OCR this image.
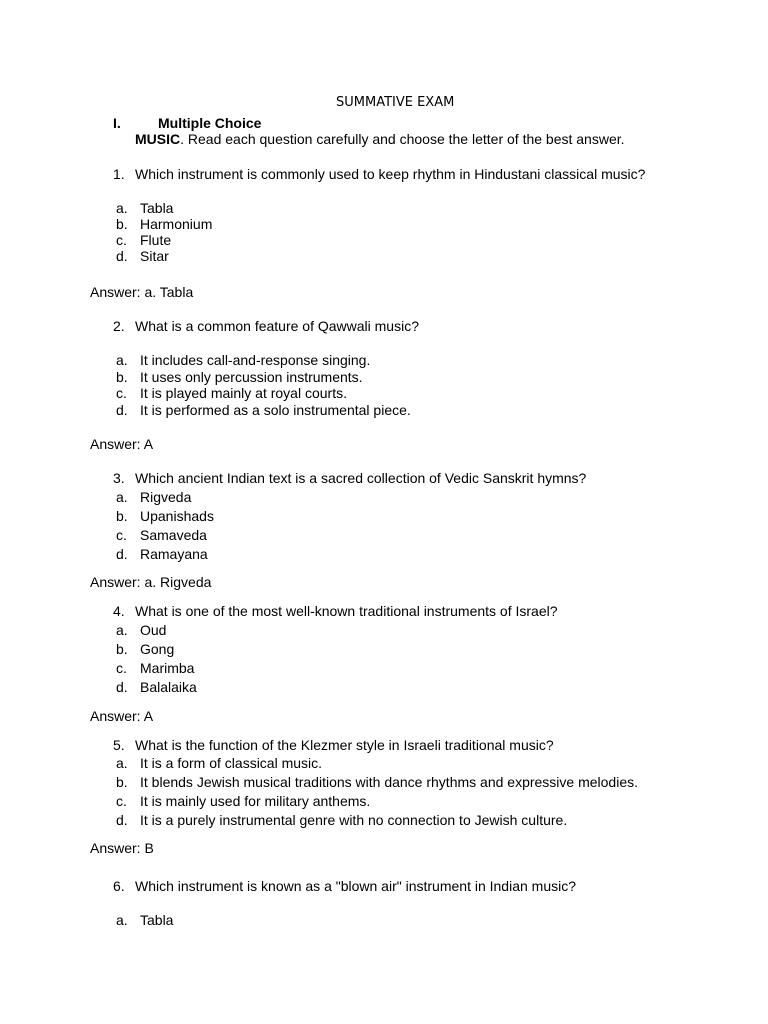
SUMMATIVE EXAM
I.	Multiple Choice
MUSIC. Read each question carefully and choose the letter of the best answer.
1. Which instrument is commonly used to keep rhythm in Hindustani classical music?
a. Tabla
b. Harmonium
c. Flute
d. Sitar
Answer: a. Tabla
2. What is a common feature of Qawwali music?
a. It includes call-and-response singing.
b. It uses only percussion instruments.
c. It is played mainly at royal courts.
d. It is performed as a solo instrumental piece.
Answer: A
3. Which ancient Indian text is a sacred collection of Vedic Sanskrit hymns?
a. Rigveda
b. Upanishads
c. Samaveda
d. Ramayana
Answer: a. Rigveda
4. What is one of the most well-known traditional instruments of Israel?
a. Oud
b. Gong
c. Marimba
d. Balalaika
Answer: A
5. What is the function of the Klezmer style in Israeli traditional music?
a. It is a form of classical music.
b. It blends Jewish musical traditions with dance rhythms and expressive melodies.
c. It is mainly used for military anthems.
d. It is a purely instrumental genre with no connection to Jewish culture.
Answer: B
6. Which instrument is known as a "blown air" instrument in Indian music?
a. Tabla
